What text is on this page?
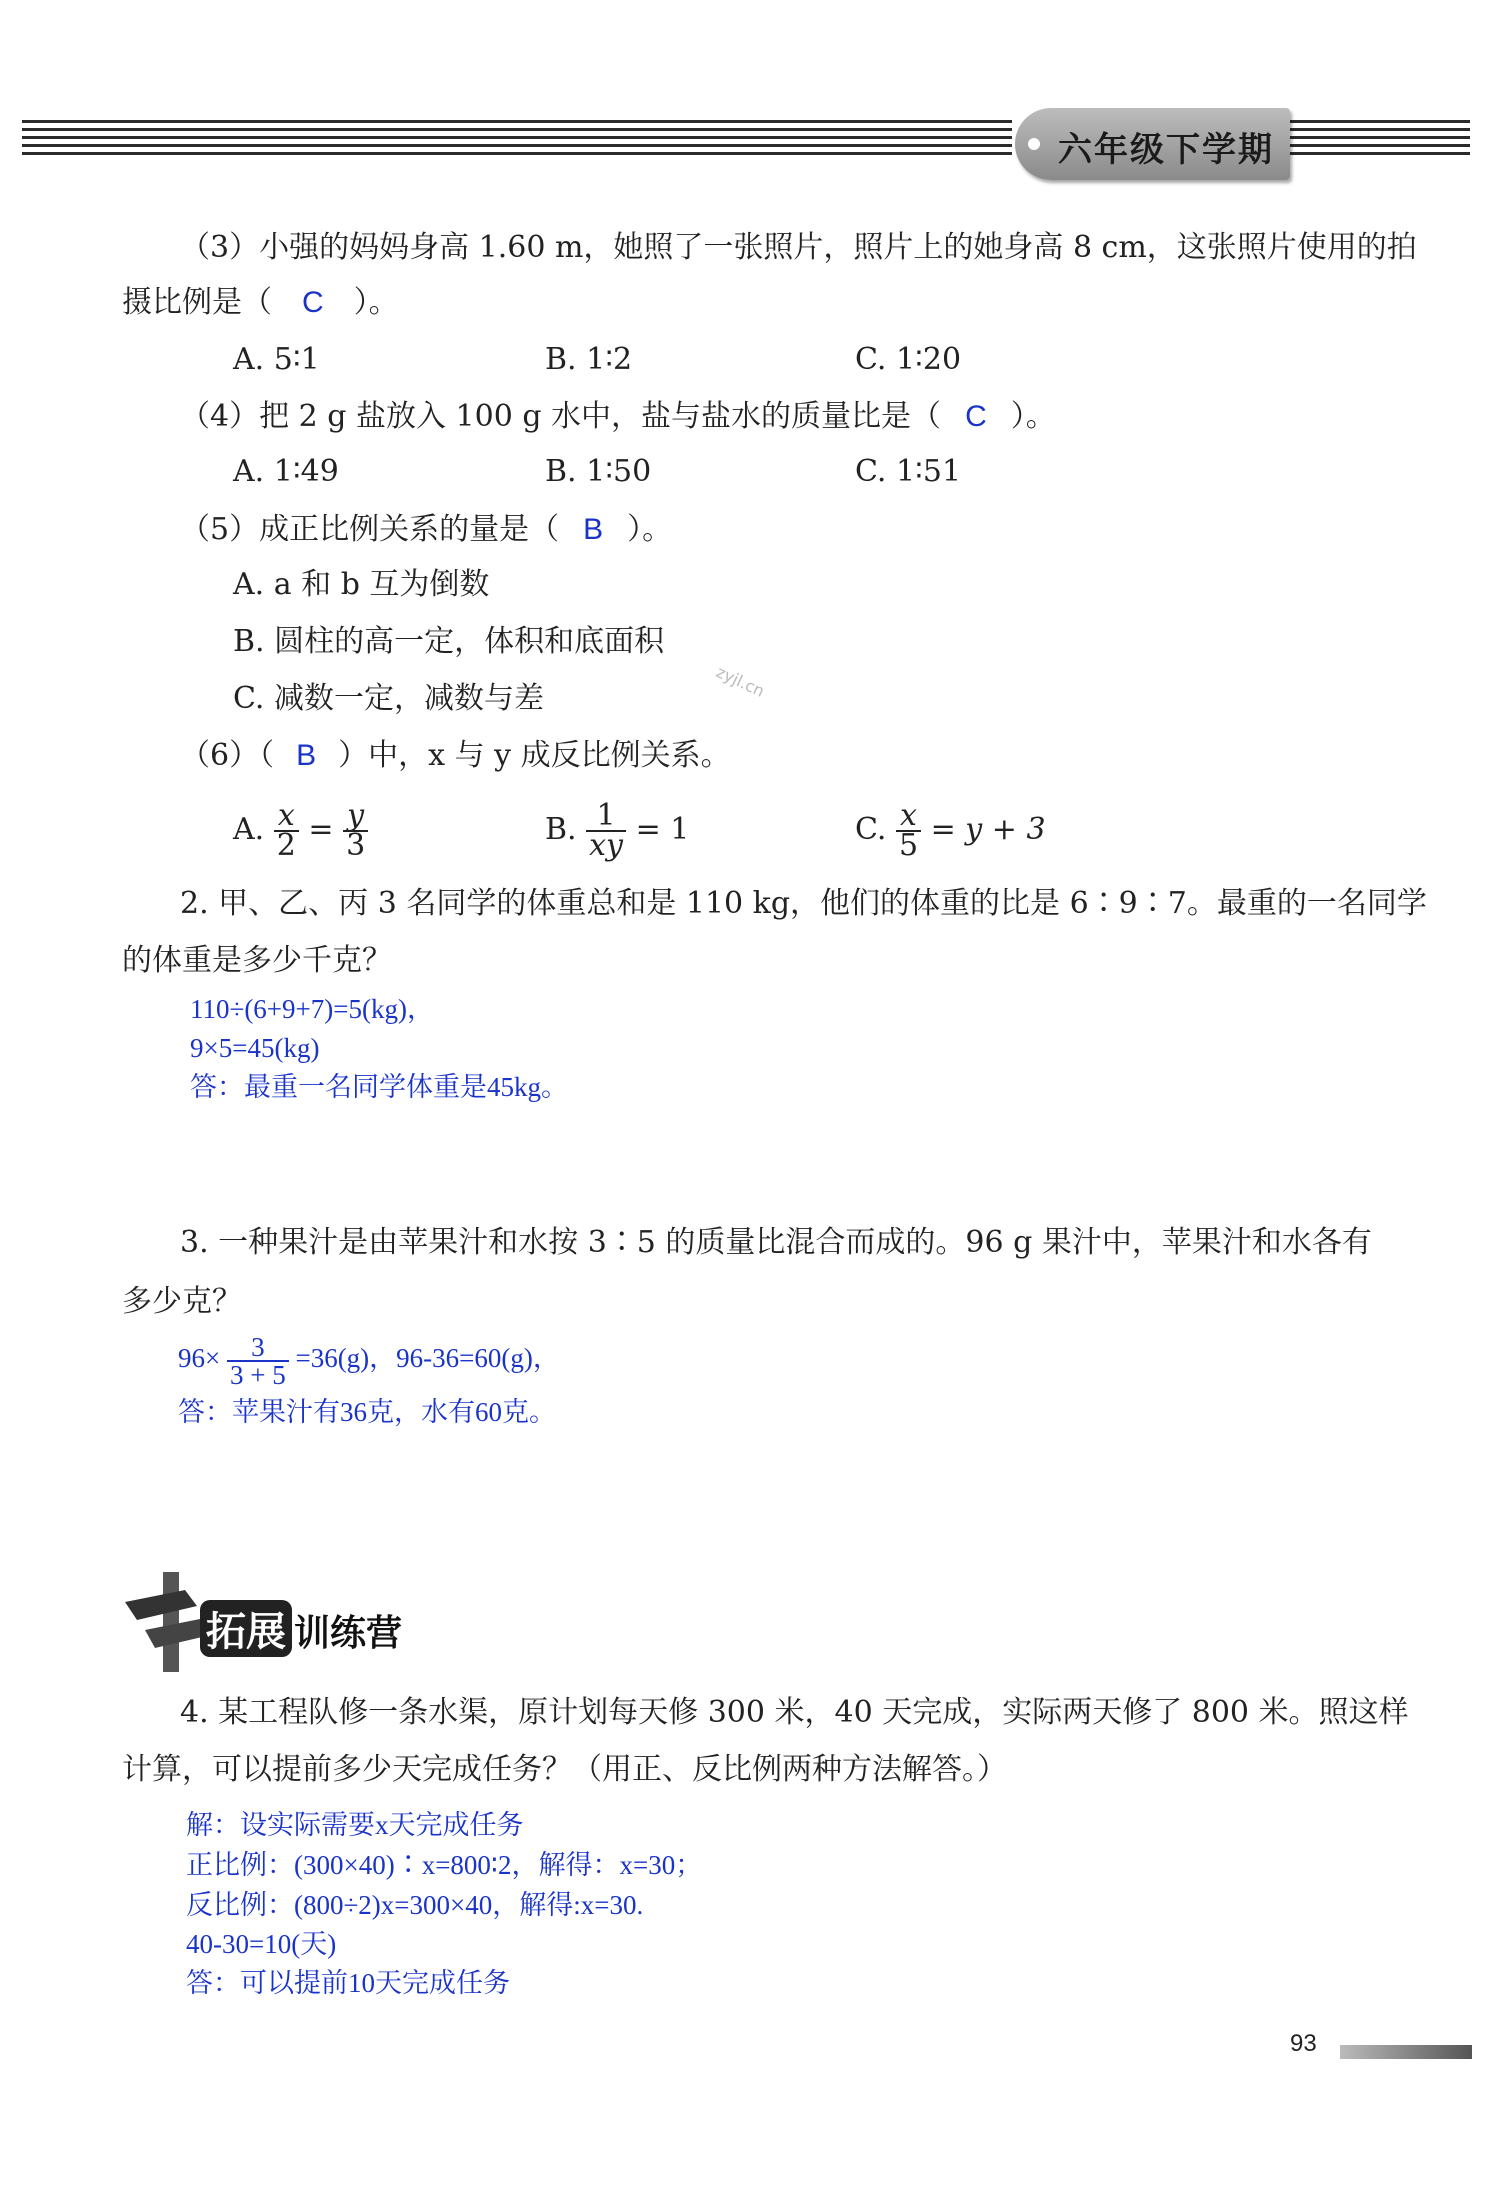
六年级下学期
（3）小强的妈妈身高 1.60 m，她照了一张照片，照片上的她身高 8 cm，这张照片使用的拍
摄比例是（ C ）。
A. 5∶1	B. 1∶2	C. 1∶20
（4）把 2 g 盐放入 100 g 水中，盐与盐水的质量比是（ C ）。
A. 1∶49	B. 1∶50	C. 1∶51
（5）成正比例关系的量是（ B ）。
A. a 和 b 互为倒数
B. 圆柱的高一定，体积和底面积
C. 减数一定，减数与差	zyjl.cn
（6）（ B ）中，x 与 y 成反比例关系。
A. $\frac{x}{2} = \frac{y}{3}$	B. $\frac{1}{xy} = 1$	C. $\frac{x}{5} = y + 3$
2. 甲、乙、丙 3 名同学的体重总和是 110 kg，他们的体重的比是 6∶9∶7。最重的一名同学
的体重是多少千克？
110÷(6+9+7)=5(kg)，
9×5=45(kg)
答：最重一名同学体重是45kg。
3. 一种果汁是由苹果汁和水按 3∶5 的质量比混合而成的。96 g 果汁中，苹果汁和水各有
多少克？
$96\times \frac{3}{3 + 5} =36(g)$，96-36=60(g)，
答：苹果汁有36克，水有60克。
拓展 训练营
4. 某工程队修一条水渠，原计划每天修 300 米，40 天完成，实际两天修了 800 米。照这样
计算，可以提前多少天完成任务？（用正、反比例两种方法解答。）
解：设实际需要x天完成任务
正比例：(300×40)∶x=800∶2，解得：x=30；
反比例：(800÷2)x=300×40，解得:x=30.
40-30=10(天)
答：可以提前10天完成任务
93
